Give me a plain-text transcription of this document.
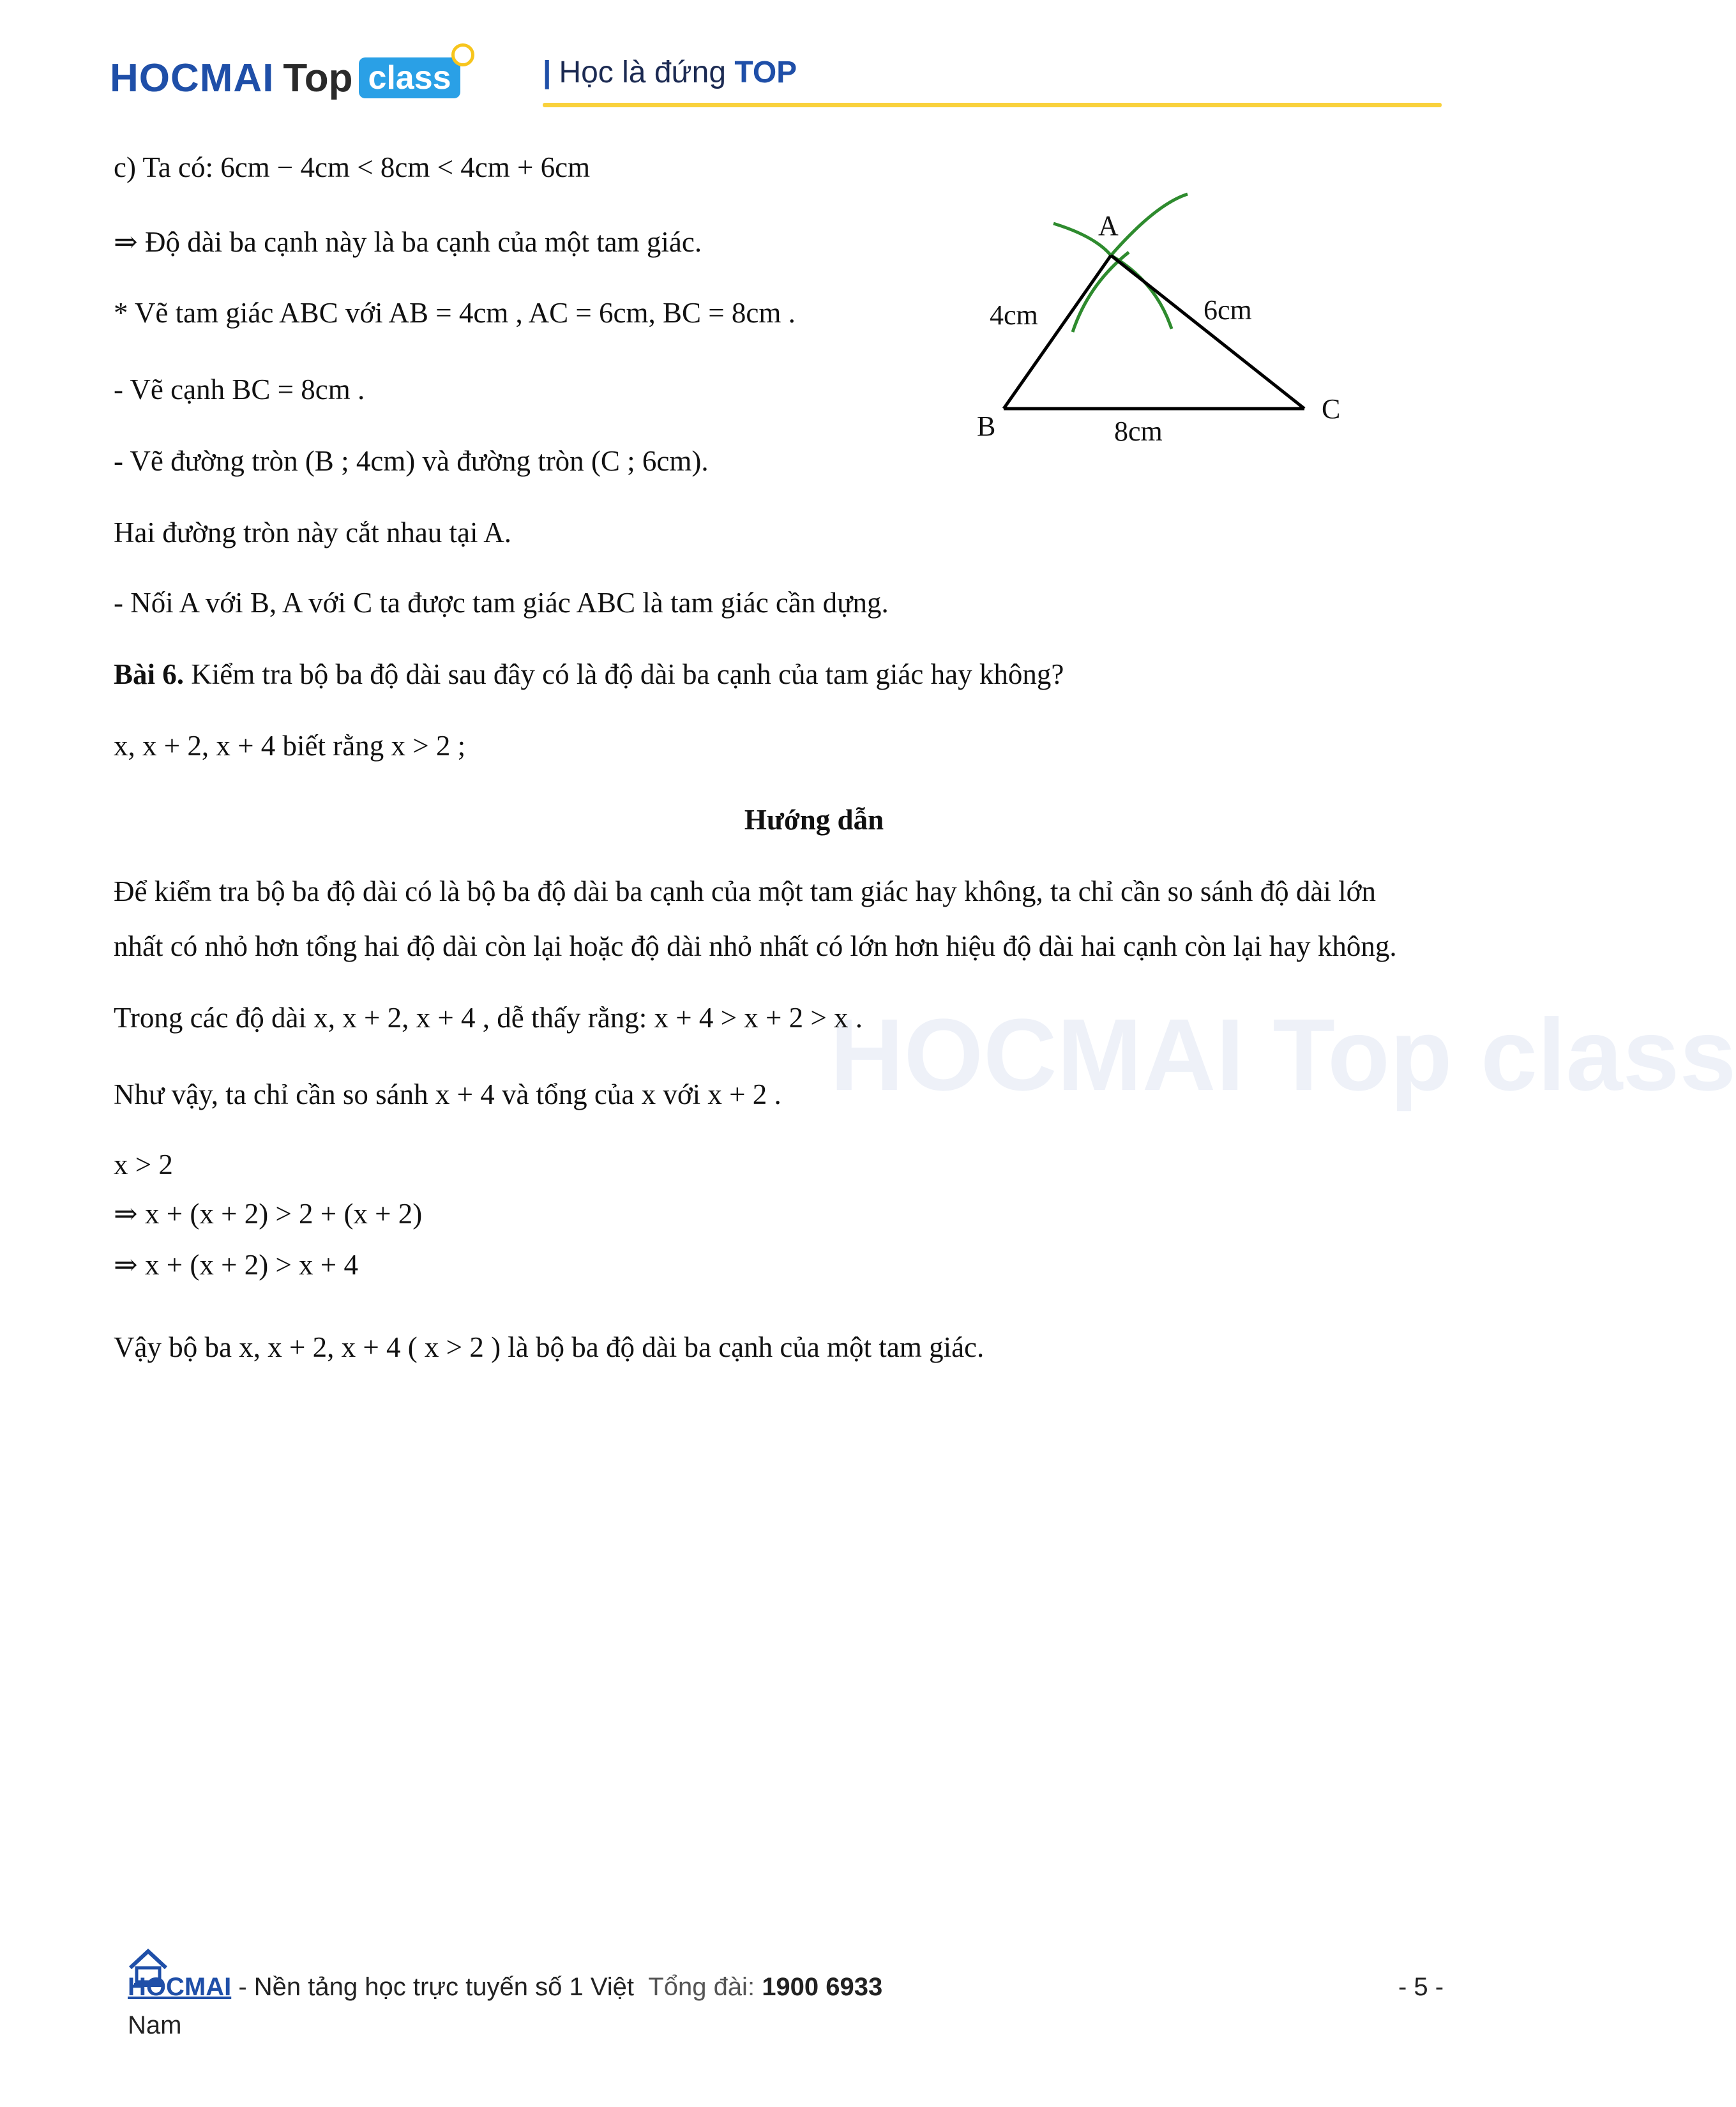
HOCMAI Top class	| Học là đứng TOP
HOCMAI Top class
c) Ta có: 6cm − 4cm < 8cm < 4cm + 6cm
⇒ Độ dài ba cạnh này là ba cạnh của một tam giác.
* Vẽ tam giác ABC với AB = 4cm , AC = 6cm, BC = 8cm .
- Vẽ cạnh BC = 8cm .
- Vẽ đường tròn (B ; 4cm) và đường tròn (C ; 6cm).
Hai đường tròn này cắt nhau tại A.
- Nối A với B, A với C ta được tam giác ABC là tam giác cần dựng.
Bài 6. Kiểm tra bộ ba độ dài sau đây có là độ dài ba cạnh của tam giác hay không?
x, x + 2, x + 4 biết rằng x > 2 ;
Hướng dẫn
Để kiểm tra bộ ba độ dài có là bộ ba độ dài ba cạnh của một tam giác hay không, ta chỉ cần so sánh độ dài lớn
nhất có nhỏ hơn tổng hai độ dài còn lại hoặc độ dài nhỏ nhất có lớn hơn hiệu độ dài hai cạnh còn lại hay không.
Trong các độ dài x, x + 2, x + 4 , dễ thấy rằng: x + 4 > x + 2 > x .
Như vậy, ta chỉ cần so sánh x + 4 và tổng của x với x + 2 .
x > 2
⇒ x + (x + 2) > 2 + (x + 2)
⇒ x + (x + 2) > x + 4
Vậy bộ ba x, x + 2, x + 4 ( x > 2 ) là bộ ba độ dài ba cạnh của một tam giác.
A
B
C
4cm	6cm
8cm
HOCMAI - Nền tảng học trực tuyến số 1 Việt Tổng đài: 1900 6933
Nam
- 5 -
